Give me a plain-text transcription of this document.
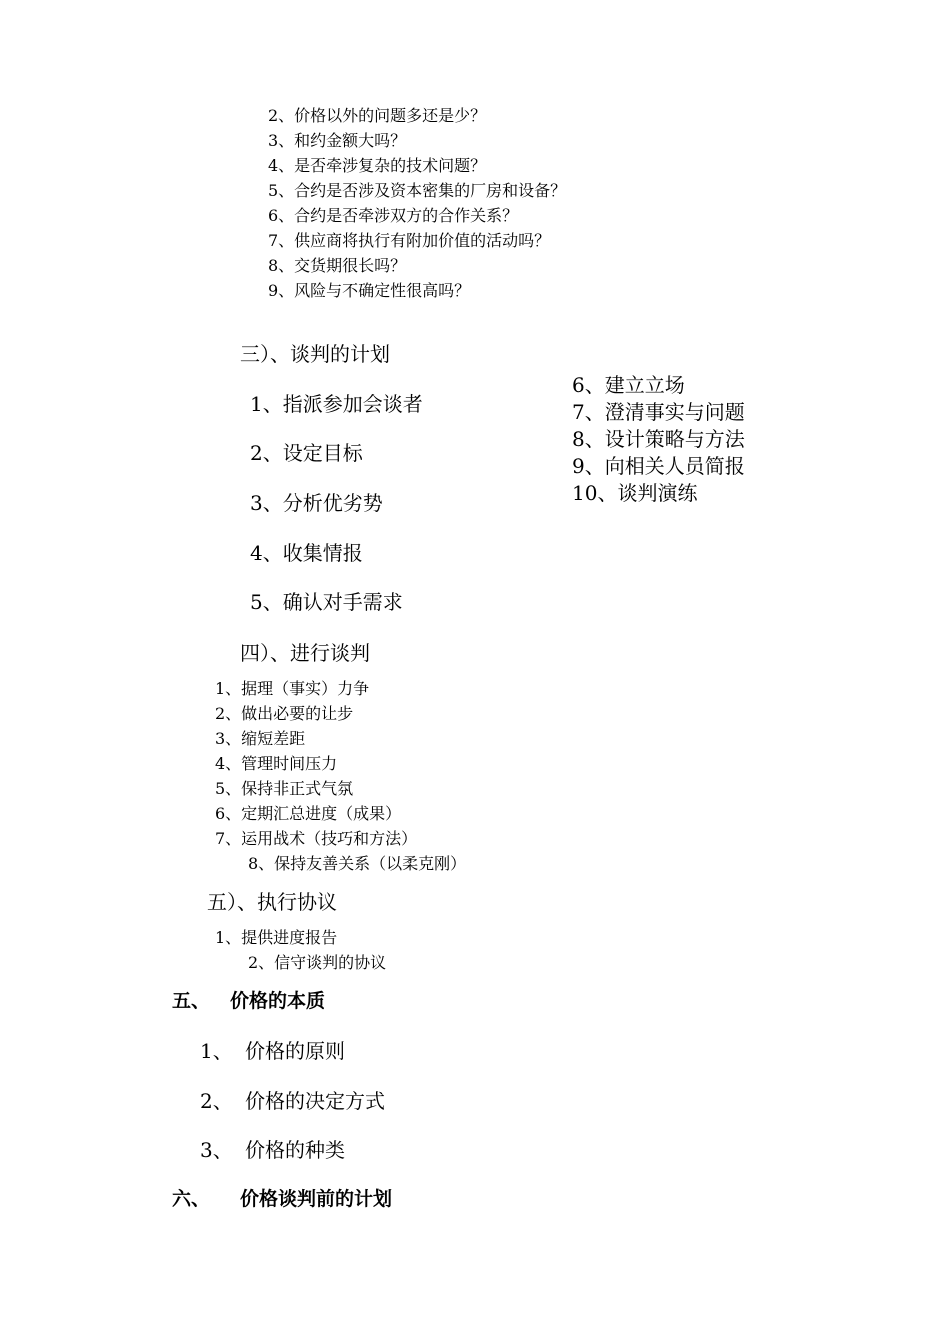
2、价格以外的问题多还是少？
3、和约金额大吗？
4、是否牵涉复杂的技术问题？
5、合约是否涉及资本密集的厂房和设备？
6、合约是否牵涉双方的合作关系？
7、供应商将执行有附加价值的活动吗？
8、交货期很长吗？
9、风险与不确定性很高吗？
三）、谈判的计划
1、指派参加会谈者
2、设定目标
3、分析优劣势
4、收集情报
5、确认对手需求
6、建立立场
7、澄清事实与问题
8、设计策略与方法
9、向相关人员简报
10、谈判演练
四）、进行谈判
1、据理（事实）力争
2、做出必要的让步
3、缩短差距
4、管理时间压力
5、保持非正式气氛
6、定期汇总进度（成果）
7、运用战术（技巧和方法）
8、保持友善关系（以柔克刚）
五）、执行协议
1、提供进度报告
2、信守谈判的协议
五、 价格的本质
1、 价格的原则
2、 价格的决定方式
3、 价格的种类
六、 价格谈判前的计划
